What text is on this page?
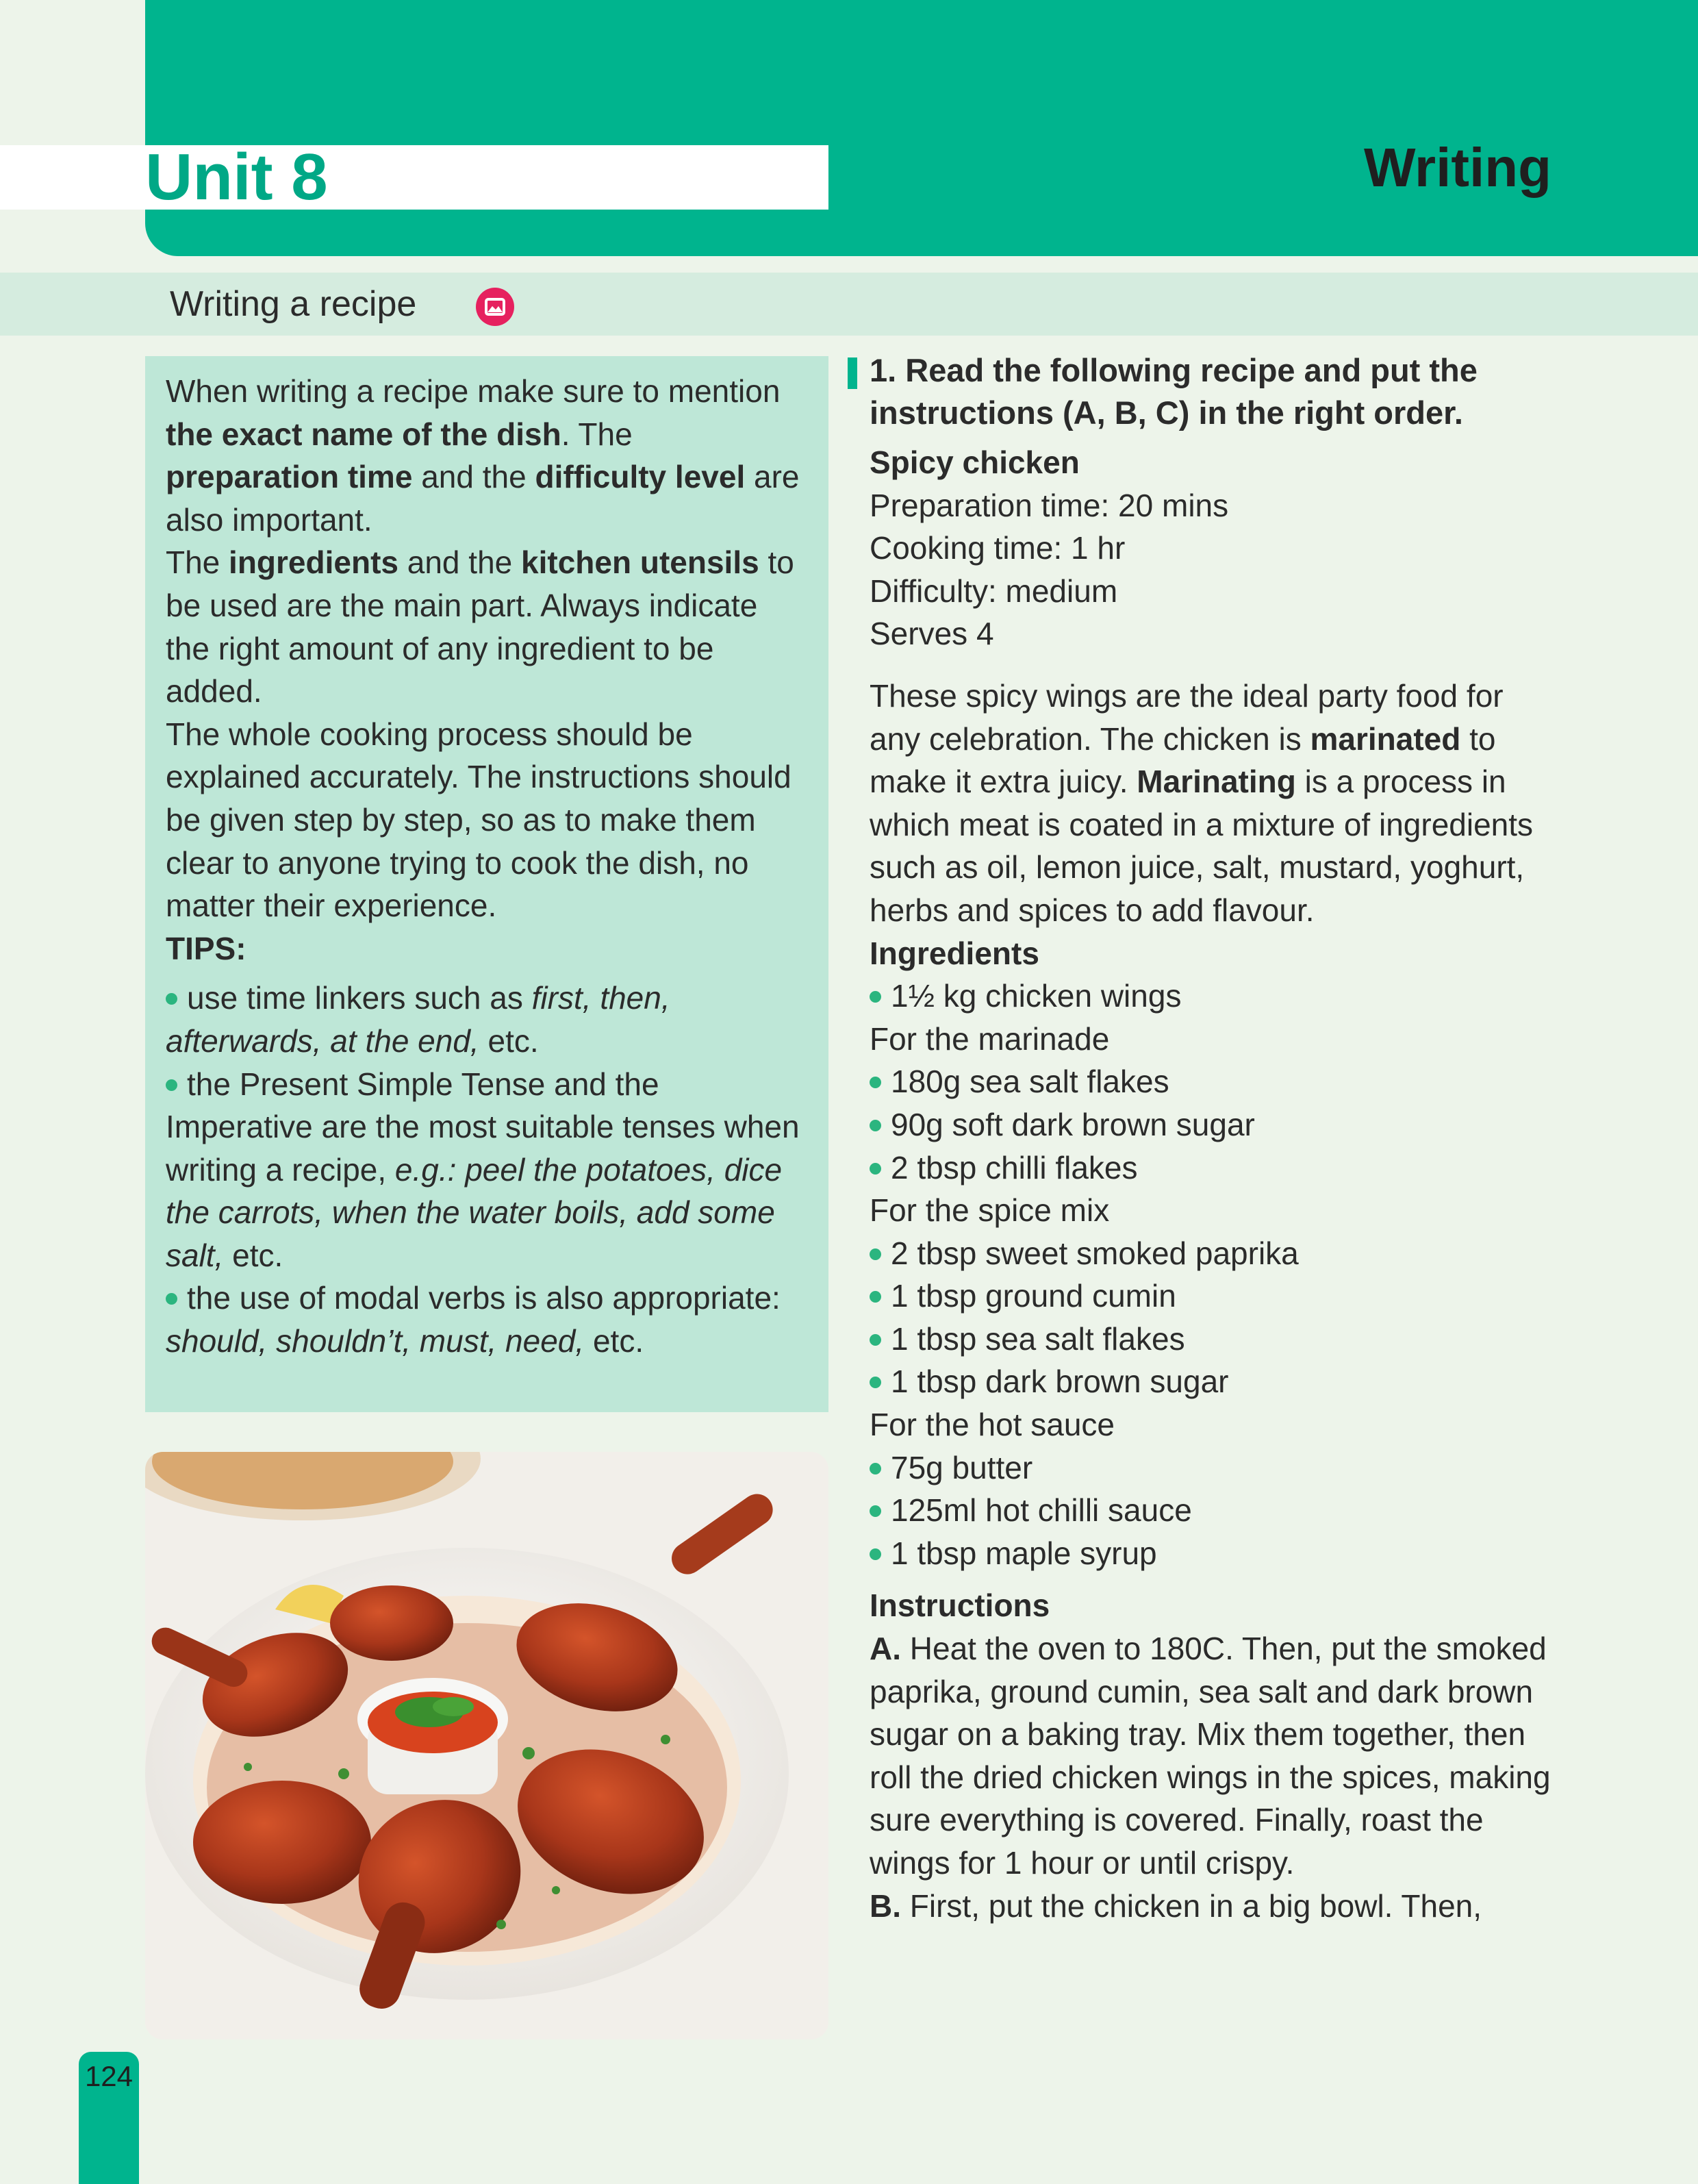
Unit 8	Writing
Writing a recipe

When writing a recipe make sure to mention the exact name of the dish. The preparation time and the difficulty level are also important.

The ingredients and the kitchen utensils to be used are the main part. Always indicate the right amount of any ingredient to be added.

The whole cooking process should be explained accurately. The instructions should be given step by step, so as to make them clear to anyone trying to cook the dish, no matter their experience.

TIPS:

use time linkers such as first, then, afterwards, at the end, etc.

the Present Simple Tense and the Imperative are the most suitable tenses when writing a recipe, e.g.: peel the potatoes, dice the carrots, when the water boils, add some salt, etc.

the use of modal verbs is also appropriate: should, shouldn’t, must, need, etc.

1. Read the following recipe and put the instructions (A, B, C) in the right order.

Spicy chicken

Preparation time: 20 mins

Cooking time: 1 hr

Difficulty: medium

Serves 4

These spicy wings are the ideal party food for any celebration. The chicken is marinated to make it extra juicy. Marinating is a process in which meat is coated in a mixture of ingredients such as oil, lemon juice, salt, mustard, yoghurt, herbs and spices to add flavour.

Ingredients

1½ kg chicken wings

For the marinade

180g sea salt flakes

90g soft dark brown sugar

2 tbsp chilli flakes

For the spice mix

2 tbsp sweet smoked paprika

1 tbsp ground cumin

1 tbsp sea salt flakes

1 tbsp dark brown sugar

For the hot sauce

75g butter

125ml hot chilli sauce

1 tbsp maple syrup

Instructions

A. Heat the oven to 180C. Then, put the smoked paprika, ground cumin, sea salt and dark brown sugar on a baking tray. Mix them together, then roll the dried chicken wings in the spices, making sure everything is covered. Finally, roast the wings for 1 hour or until crispy.

B. First, put the chicken in a big bowl. Then,

124
